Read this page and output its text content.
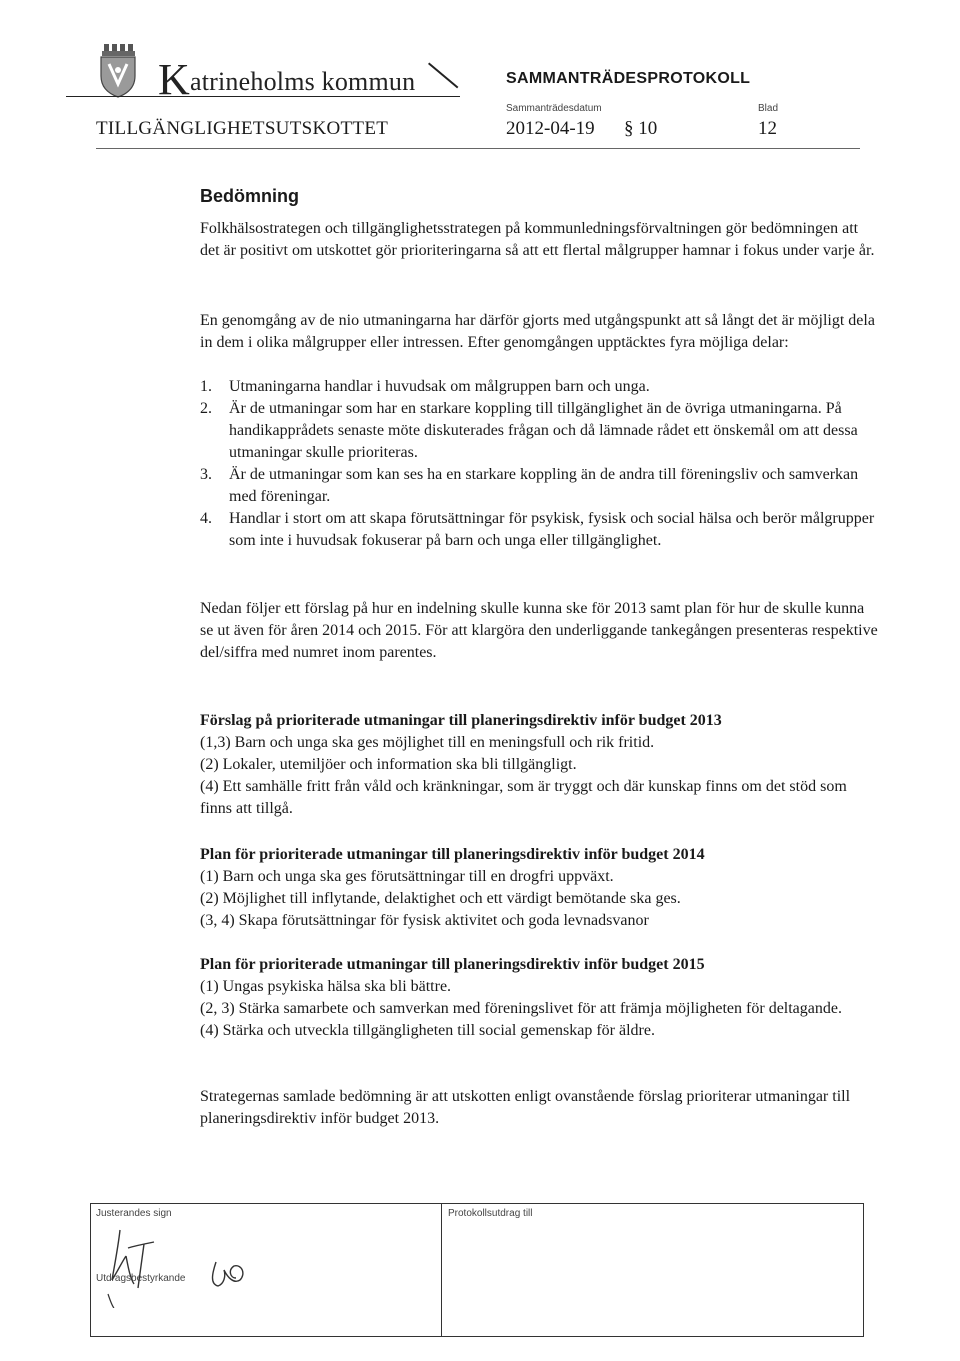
Katrineholms kommun	SAMMANTRÄDESPROTOKOLL
TILLGÄNGLIGHETSUTSKOTTET
Sammanträdesdatum
2012-04-19 § 10
Blad
12
Bedömning

Folkhälsostrategen och tillgänglighetsstrategen på kommunledningsförvaltningen gör bedömningen att det är positivt om utskottet gör prioriteringarna så att ett flertal målgrupper hamnar i fokus under varje år.

En genomgång av de nio utmaningarna har därför gjorts med utgångspunkt att så långt det är möjligt dela in dem i olika målgrupper eller intressen. Efter genomgången upptäcktes fyra möjliga delar:

1. Utmaningarna handlar i huvudsak om målgruppen barn och unga.
2. Är de utmaningar som har en starkare koppling till tillgänglighet än de övriga utmaningarna. På handikapprådets senaste möte diskuterades frågan och då lämnade rådet ett önskemål om att dessa utmaningar skulle prioriteras.
3. Är de utmaningar som kan ses ha en starkare koppling än de andra till föreningsliv och samverkan med föreningar.
4. Handlar i stort om att skapa förutsättningar för psykisk, fysisk och social hälsa och berör målgrupper som inte i huvudsak fokuserar på barn och unga eller tillgänglighet.

Nedan följer ett förslag på hur en indelning skulle kunna ske för 2013 samt plan för hur de skulle kunna se ut även för åren 2014 och 2015. För att klargöra den underliggande tankegången presenteras respektive del/siffra med numret inom parentes.

Förslag på prioriterade utmaningar till planeringsdirektiv inför budget 2013
(1,3) Barn och unga ska ges möjlighet till en meningsfull och rik fritid.
(2) Lokaler, utemiljöer och information ska bli tillgängligt.
(4) Ett samhälle fritt från våld och kränkningar, som är tryggt och där kunskap finns om det stöd som finns att tillgå.
Plan för prioriterade utmaningar till planeringsdirektiv inför budget 2014
(1) Barn och unga ska ges förutsättningar till en drogfri uppväxt.
(2) Möjlighet till inflytande, delaktighet och ett värdigt bemötande ska ges.
(3, 4) Skapa förutsättningar för fysisk aktivitet och goda levnadsvanor
Plan för prioriterade utmaningar till planeringsdirektiv inför budget 2015
(1) Ungas psykiska hälsa ska bli bättre.
(2, 3) Stärka samarbete och samverkan med föreningslivet för att främja möjligheten för deltagande.
(4) Stärka och utveckla tillgängligheten till social gemenskap för äldre.

Strategernas samlade bedömning är att utskotten enligt ovanstående förslag prioriterar utmaningar till planeringsdirektiv inför budget 2013.

Justerandes sign
Utdragsbestyrkande
Protokollsutdrag till
